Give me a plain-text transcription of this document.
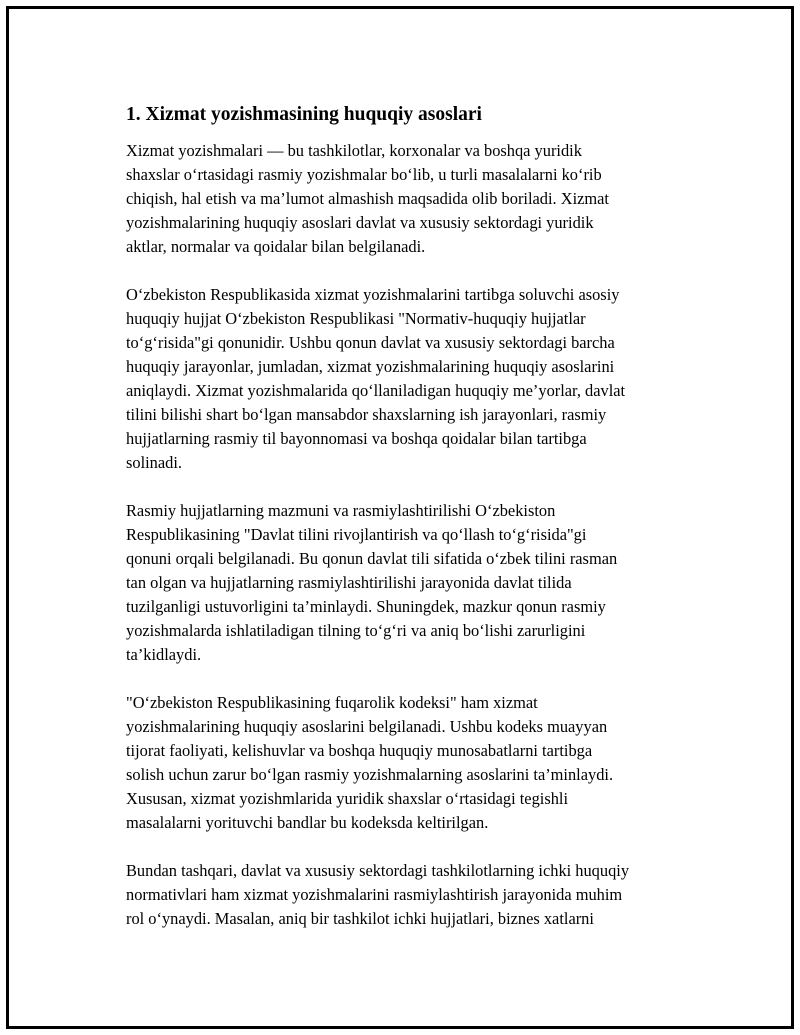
1. Xizmat yozishmasining huquqiy asoslari

Xizmat yozishmalari — bu tashkilotlar, korxonalar va boshqa yuridik
shaxslar o‘rtasidagi rasmiy yozishmalar bo‘lib, u turli masalalarni ko‘rib
chiqish, hal etish va ma’lumot almashish maqsadida olib boriladi. Xizmat
yozishmalarining huquqiy asoslari davlat va xususiy sektordagi yuridik
aktlar, normalar va qoidalar bilan belgilanadi.

O‘zbekiston Respublikasida xizmat yozishmalarini tartibga soluvchi asosiy
huquqiy hujjat O‘zbekiston Respublikasi "Normativ-huquqiy hujjatlar
to‘g‘risida"gi qonunidir. Ushbu qonun davlat va xususiy sektordagi barcha
huquqiy jarayonlar, jumladan, xizmat yozishmalarining huquqiy asoslarini
aniqlaydi. Xizmat yozishmalarida qo‘llaniladigan huquqiy me’yorlar, davlat
tilini bilishi shart bo‘lgan mansabdor shaxslarning ish jarayonlari, rasmiy
hujjatlarning rasmiy til bayonnomasi va boshqa qoidalar bilan tartibga
solinadi.

Rasmiy hujjatlarning mazmuni va rasmiylashtirilishi O‘zbekiston
Respublikasining "Davlat tilini rivojlantirish va qo‘llash to‘g‘risida"gi
qonuni orqali belgilanadi. Bu qonun davlat tili sifatida o‘zbek tilini rasman
tan olgan va hujjatlarning rasmiylashtirilishi jarayonida davlat tilida
tuzilganligi ustuvorligini ta’minlaydi. Shuningdek, mazkur qonun rasmiy
yozishmalarda ishlatiladigan tilning to‘g‘ri va aniq bo‘lishi zarurligini
ta’kidlaydi.

"O‘zbekiston Respublikasining fuqarolik kodeksi" ham xizmat
yozishmalarining huquqiy asoslarini belgilanadi. Ushbu kodeks muayyan
tijorat faoliyati, kelishuvlar va boshqa huquqiy munosabatlarni tartibga
solish uchun zarur bo‘lgan rasmiy yozishmalarning asoslarini ta’minlaydi.
Xususan, xizmat yozishmlarida yuridik shaxslar o‘rtasidagi tegishli
masalalarni yorituvchi bandlar bu kodeksda keltirilgan.

Bundan tashqari, davlat va xususiy sektordagi tashkilotlarning ichki huquqiy
normativlari ham xizmat yozishmalarini rasmiylashtirish jarayonida muhim
rol o‘ynaydi. Masalan, aniq bir tashkilot ichki hujjatlari, biznes xatlarni
